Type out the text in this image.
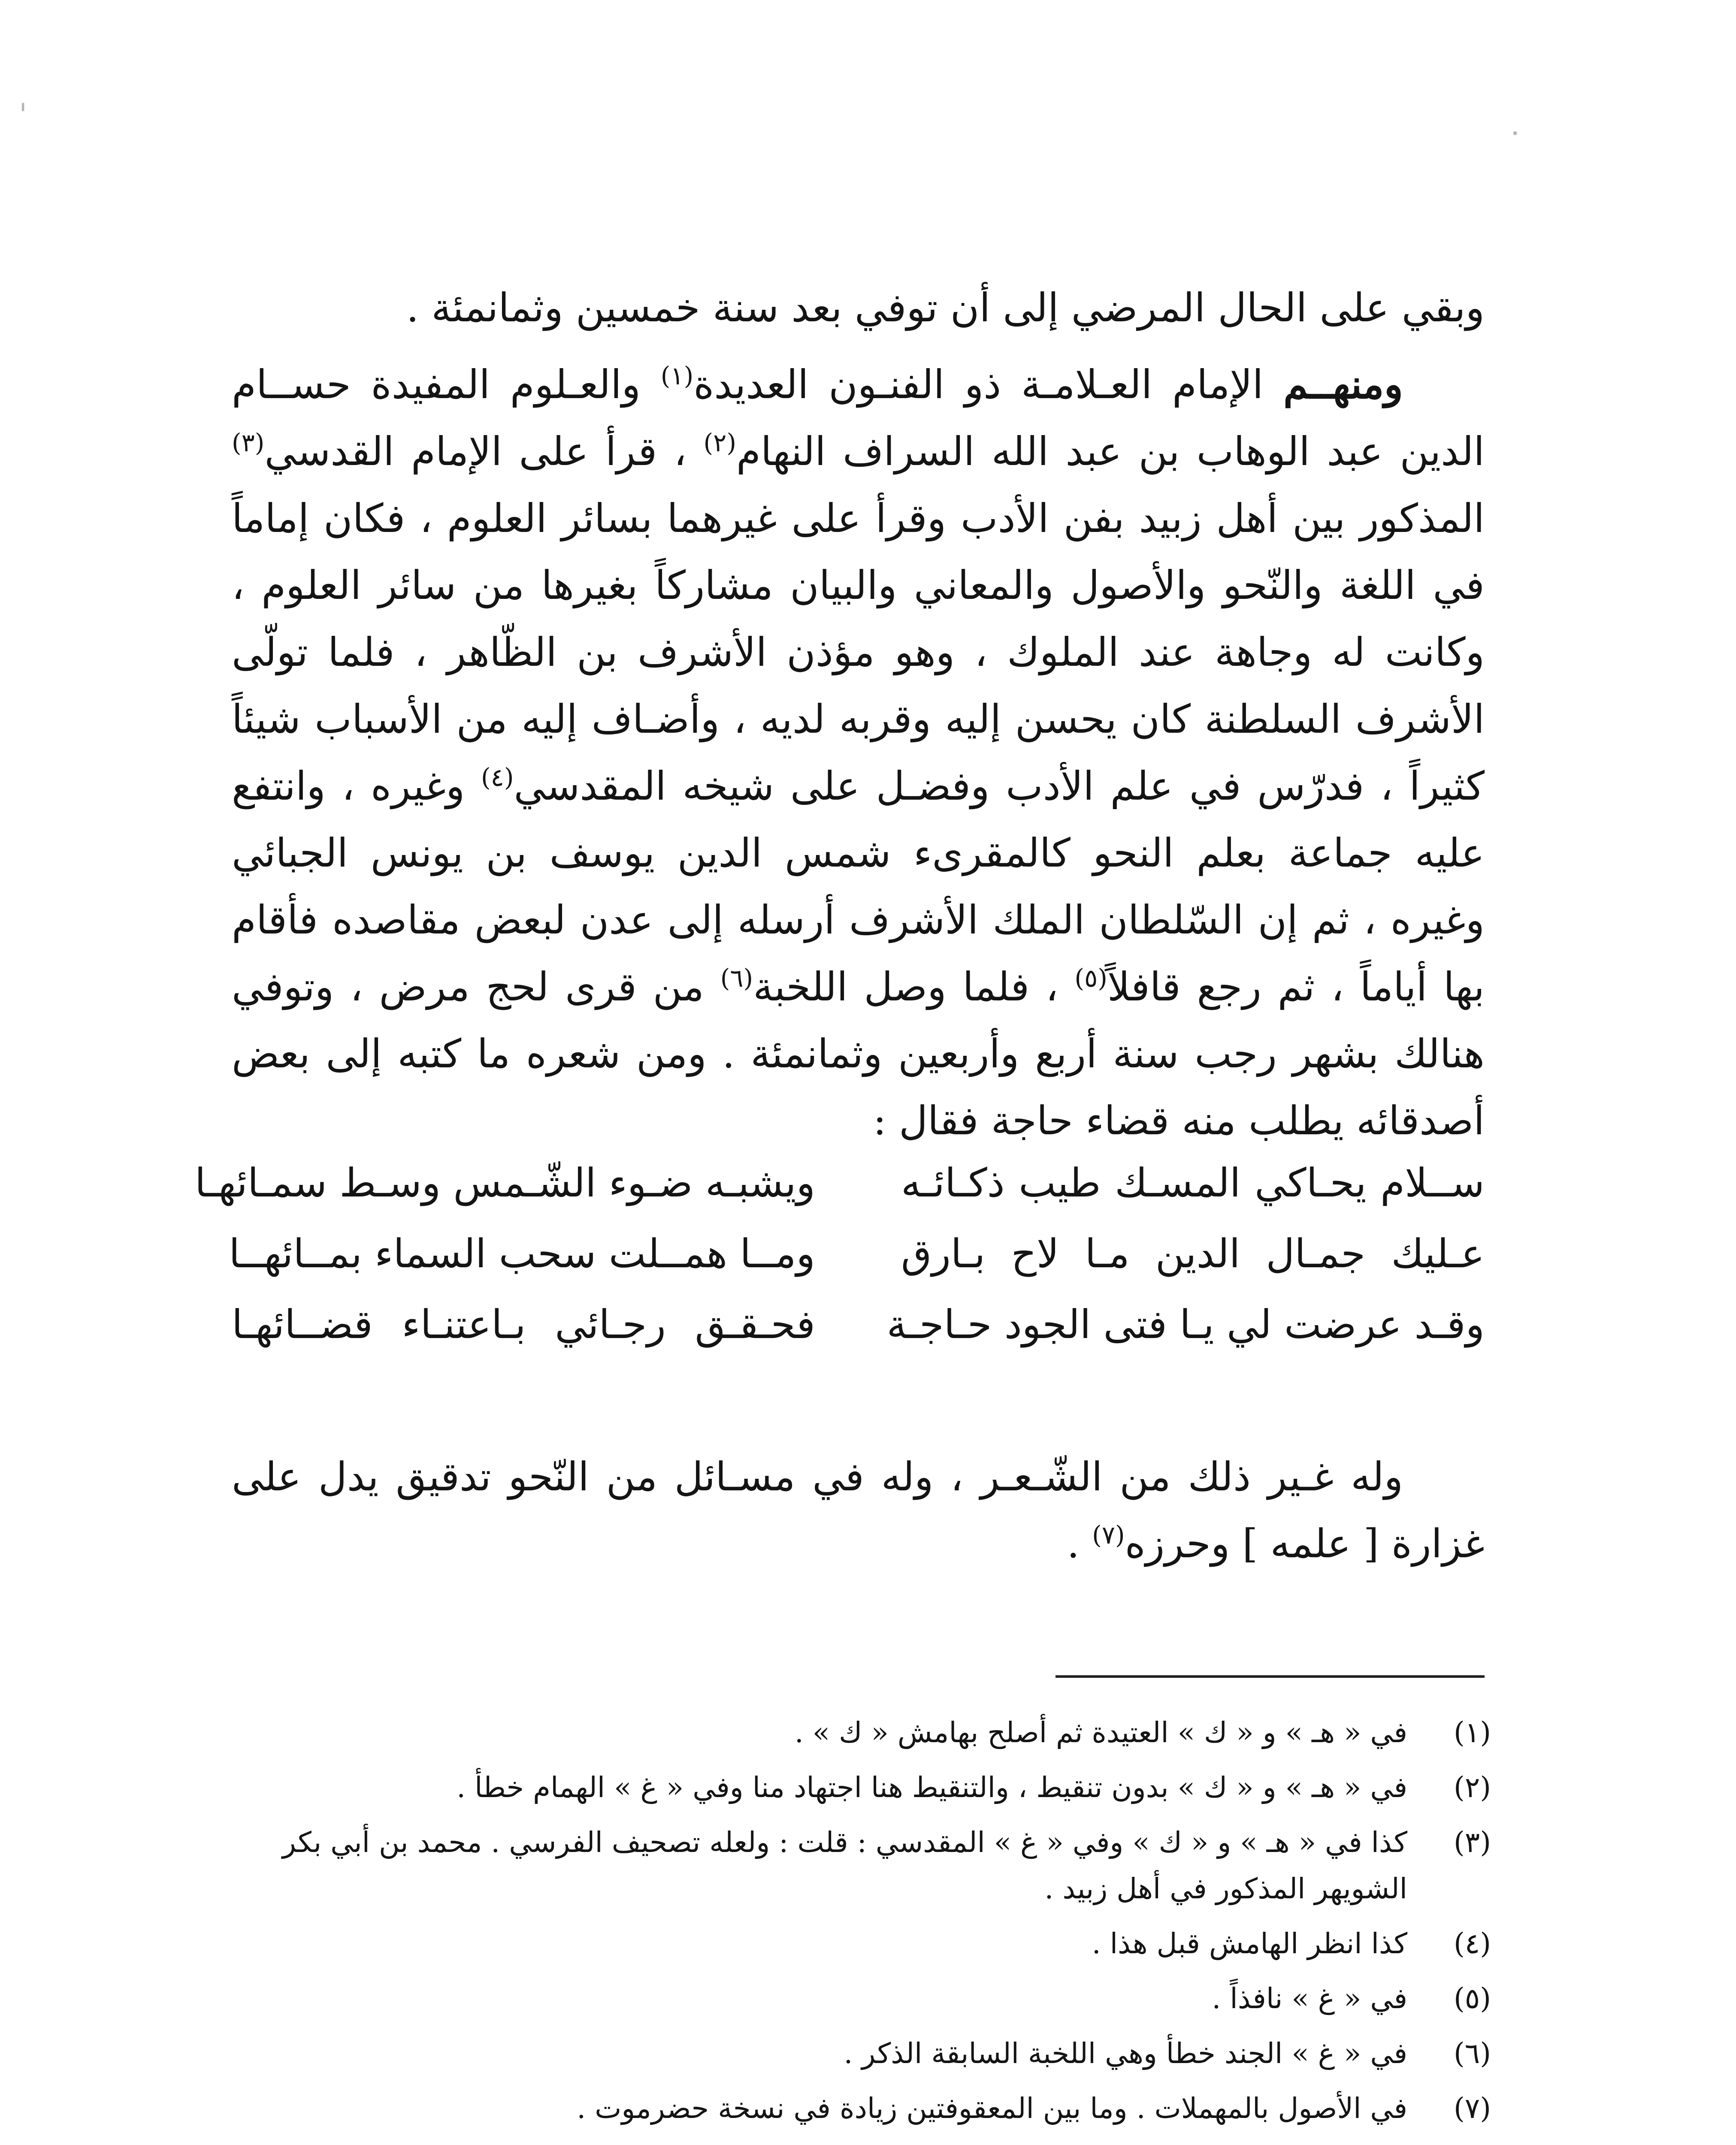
'	.

وبقي على الحال المرضي إلى أن توفي بعد سنة خمسين وثمانمئة .

ومنهــم الإمام العـلامـة ذو الفنـون العديدة$^{(١)}$ والعـلوم المفيدة حســام الدين عبد الوهاب بن عبد الله السراف النهام$^{(٢)}$ ، قرأ على الإمام القدسي$^{(٣)}$ المذكور بين أهل زبيد بفن الأدب وقرأ على غيرهما بسائر العلوم ، فكان إماماً في اللغة والنّحو والأصول والمعاني والبيان مشاركاً بغيرها من سائر العلوم ، وكانت له وجاهة عند الملوك ، وهو مؤذن الأشرف بن الظّاهر ، فلما تولّى الأشرف السلطنة كان يحسن إليه وقربه لديه ، وأضـاف إليه من الأسباب شيئاً كثيراً ، فدرّس في علم الأدب وفضـل على شيخه المقدسي$^{(٤)}$ وغيره ، وانتفع عليه جماعة بعلم النحو كالمقرىء شمس الدين يوسف بن يونس الجبائي وغيره ، ثم إن السّلطان الملك الأشرف أرسله إلى عدن لبعض مقاصده فأقام بها أياماً ، ثم رجع قافلاً$^{(٥)}$ ، فلما وصل اللخبة$^{(٦)}$ من قرى لحج مرض ، وتوفي هنالك بشهر رجب سنة أربع وأربعين وثمانمئة . ومن شعره ما كتبه إلى بعض أصدقائه يطلب منه قضاء حاجة فقال :

ســلام يحـاكي المسـك طيب ذكـائـه
ويشبـه ضـوء الشّـمس وسـط سمـائهـا
عـليك جمـال الدين مـا لاح بـارق
ومــا همــلت سحب السماء بمــائهــا
وقـد عرضت لي يـا فتى الجود حـاجـة
فحـقـق رجـائي بـاعتنـاء قضــائهـا

وله غـير ذلك من الشّـعـر ، وله في مسـائل من النّحو تدقيق يدل على غزارة [ علمه ] وحرزه$^{(٧)}$ .

(١)
في « هـ » و « ك » العتيدة ثم أصلح بهامش « ك » .
(٢)
في « هـ » و « ك » بدون تنقيط ، والتنقيط هنا اجتهاد منا وفي « غ » الهمام خطأ .
(٣)
كذا في « هـ » و « ك » وفي « غ » المقدسي : قلت : ولعله تصحيف الفرسي . محمد بن أبي بكر الشويهر المذكور في أهل زبيد .
(٤)
كذا انظر الهامش قبل هذا .
(٥)
في « غ » نافذاً .
(٦)
في « غ » الجند خطأ وهي اللخبة السابقة الذكر .
(٧)
في الأصول بالمهملات . وما بين المعقوفتين زيادة في نسخة حضرموت .
